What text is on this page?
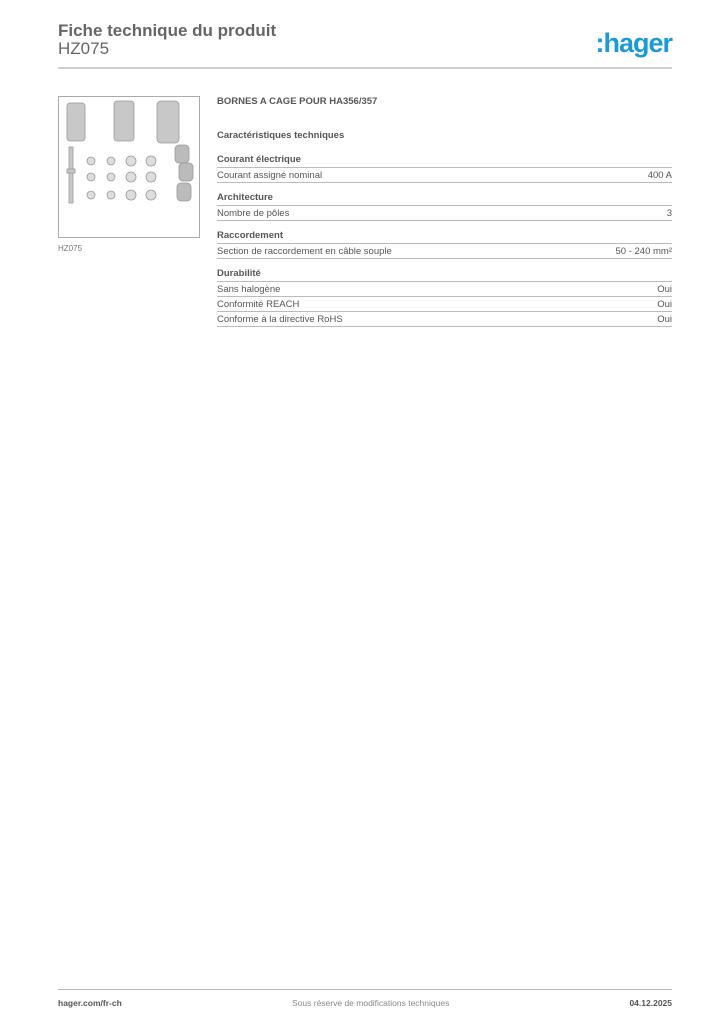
Fiche technique du produit
HZ075	:hager
HZ075
BORNES A CAGE POUR HA356/357
Caractéristiques techniques
Courant électrique
Courant assigné nominal	400 A
Architecture
Nombre de pôles	3
Raccordement
Section de raccordement en câble souple	50 - 240 mm²
Durabilité
Sans halogène	Oui
Conformité REACH	Oui
Conforme à la directive RoHS	Oui
hager.com/fr-ch	Sous réserve de modifications techniques	04.12.2025
